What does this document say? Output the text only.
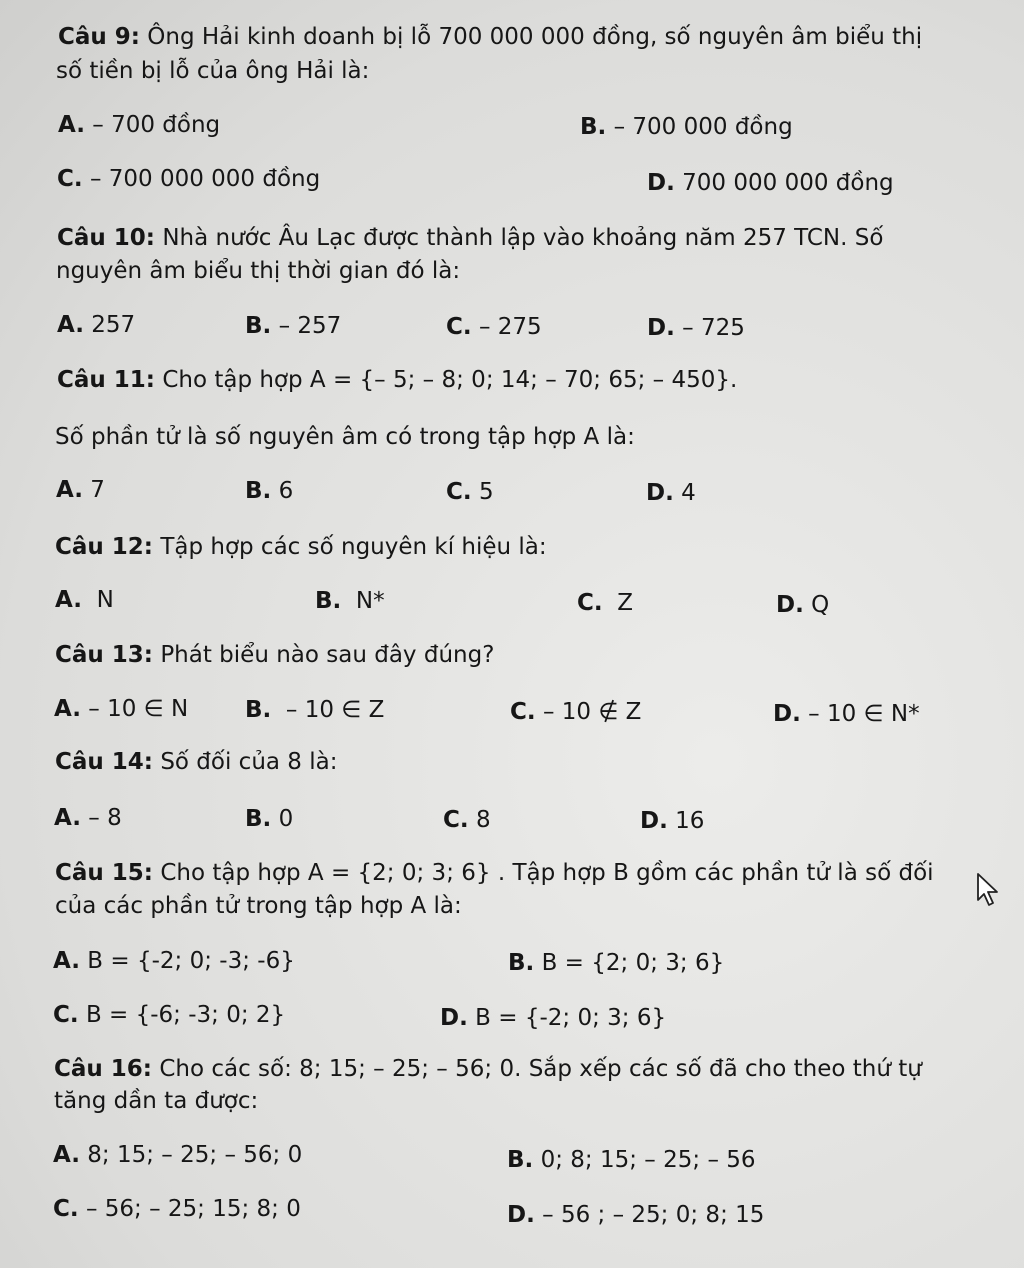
Câu 9: Ông Hải kinh doanh bị lỗ 700 000 000 đồng, số nguyên âm biểu thị
số tiền bị lỗ của ông Hải là:
A. – 700 đồng	B. – 700 000 đồng
C. – 700 000 000 đồng	D. 700 000 000 đồng
Câu 10: Nhà nước Âu Lạc được thành lập vào khoảng năm 257 TCN. Số
nguyên âm biểu thị thời gian đó là:
A. 257	B. – 257	C. – 275	D. – 725
Câu 11: Cho tập hợp A = {– 5; – 8; 0; 14; – 70; 65; – 450}.
Số phần tử là số nguyên âm có trong tập hợp A là:
A. 7	B. 6	C. 5	D. 4
Câu 12: Tập hợp các số nguyên kí hiệu là:
A. N	B. N*	C. Z	D. Q
Câu 13: Phát biểu nào sau đây đúng?
A. – 10 ∈ N B. – 10 ∈ Z	C. – 10 ∉ Z	D. – 10 ∈ N*
Câu 14: Số đối của 8 là:
A. – 8	B. 0	C. 8	D. 16
Câu 15: Cho tập hợp A = {2; 0; 3; 6} . Tập hợp B gồm các phần tử là số đối
của các phần tử trong tập hợp A là:
A. B = {-2; 0; -3; -6}	B. B = {2; 0; 3; 6}
C. B = {-6; -3; 0; 2}	D. B = {-2; 0; 3; 6}
Câu 16: Cho các số: 8; 15; – 25; – 56; 0. Sắp xếp các số đã cho theo thứ tự
tăng dần ta được:
A. 8; 15; – 25; – 56; 0	B. 0; 8; 15; – 25; – 56
C. – 56; – 25; 15; 8; 0	D. – 56 ; – 25; 0; 8; 15
